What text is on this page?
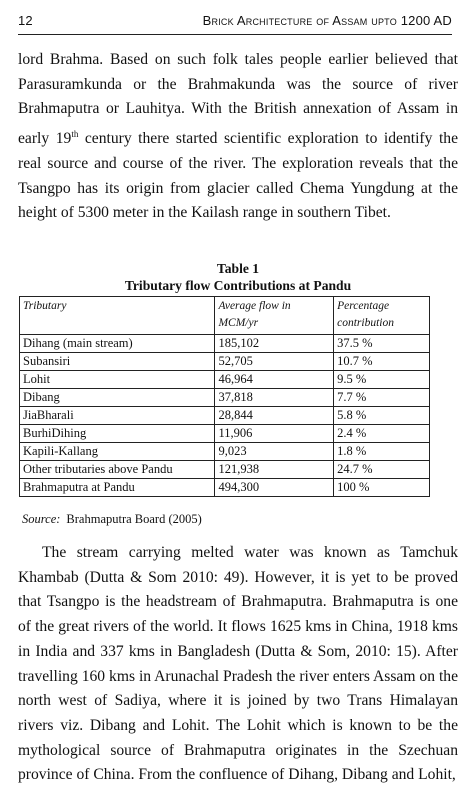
12	Brick Architecture of Assam upto 1200 AD

lord Brahma. Based on such folk tales people earlier believed that Parasuramkunda or the Brahmakunda was the source of river Brahmaputra or Lauhitya. With the British annexation of Assam in early 19th century there started scientific exploration to identify the real source and course of the river. The exploration reveals that the Tsangpo has its origin from glacier called Chema Yungdung at the height of 5300 meter in the Kailash range in southern Tibet.

Table 1
Tributary flow Contributions at Pandu
Tributary	Average flow in MCM/yr	Percentage contribution
Dihang (main stream)	185,102	37.5 %
Subansiri	52,705	10.7 %
Lohit	46,964	9.5 %
Dibang	37,818	7.7 %
JiaBharali	28,844	5.8 %
BurhiDihing	11,906	2.4 %
Kapili-Kallang	9,023	1.8 %
Other tributaries above Pandu	121,938	24.7 %
Brahmaputra at Pandu	494,300	100 %
Source: Brahmaputra Board (2005)

The stream carrying melted water was known as Tamchuk Khambab (Dutta & Som 2010: 49). However, it is yet to be proved that Tsangpo is the headstream of Brahmaputra. Brahmaputra is one of the great rivers of the world. It flows 1625 kms in China, 1918 kms in India and 337 kms in Bangladesh (Dutta & Som, 2010: 15). After travelling 160 kms in Arunachal Pradesh the river enters Assam on the north west of Sadiya, where it is joined by two Trans Himalayan rivers viz. Dibang and Lohit. The Lohit which is known to be the mythological source of Brahmaputra originates in the Szechuan province of China. From the confluence of Dihang, Dibang and Lohit,
